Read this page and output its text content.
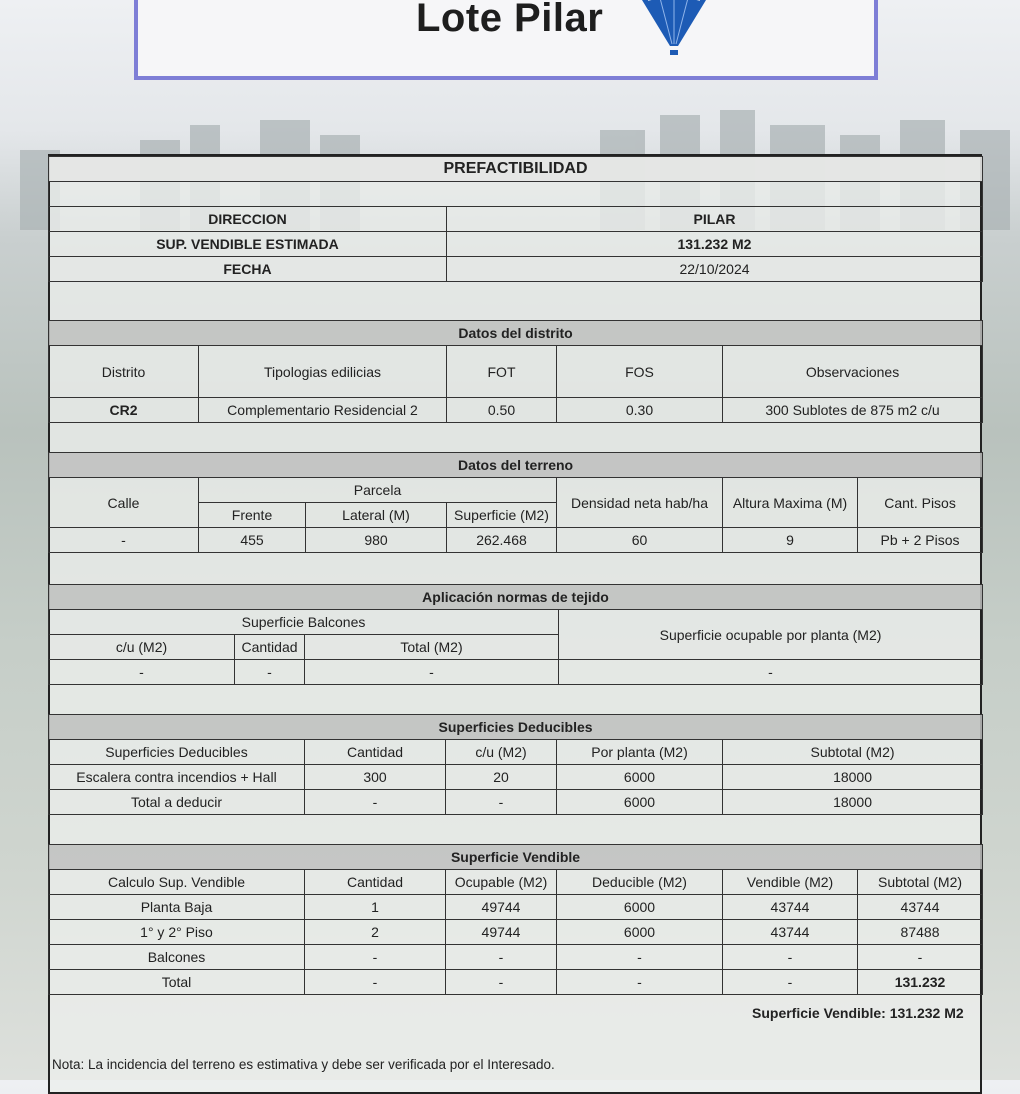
Lote Pilar
PREFACTIBILIDAD	

DIRECCION	PILAR
SUP. VENDIBLE ESTIMADA	131.232 M2
FECHA	22/10/2024
Datos del distrito				
Distrito	Tipologias edilicias	FOT	FOS	Observaciones
CR2	Complementario Residencial 2	0.50	0.30	300 Sublotes de 875 m2 c/u
Datos del terreno						
Calle	Parcela			Densidad neta hab/ha	Altura Maxima (M)	Cant. Pisos
	Frente	Lateral (M)	Superficie (M2)			
-	455	980	262.468	60	9	Pb + 2 Pisos
Aplicación normas de tejido			
Superficie Balcones			Superficie ocupable por planta (M2)
c/u (M2)	Cantidad	Total (M2)	
-	-	-	-
Superficies Deducibles				
Superficies Deducibles	Cantidad	c/u (M2)	Por planta (M2)	Subtotal (M2)
Escalera contra incendios + Hall	300	20	6000	18000
Total a deducir	-	-	6000	18000
Superficie Vendible					
Calculo Sup. Vendible	Cantidad	Ocupable (M2)	Deducible (M2)	Vendible (M2)	Subtotal (M2)
Planta Baja	1	49744	6000	43744	43744
1° y 2° Piso	2	49744	6000	43744	87488
Balcones	-	-	-	-	-
Total	-	-	-	-	131.232
Superficie Vendible: 131.232 M2
Nota: La incidencia del terreno es estimativa y debe ser verificada por el Interesado.
